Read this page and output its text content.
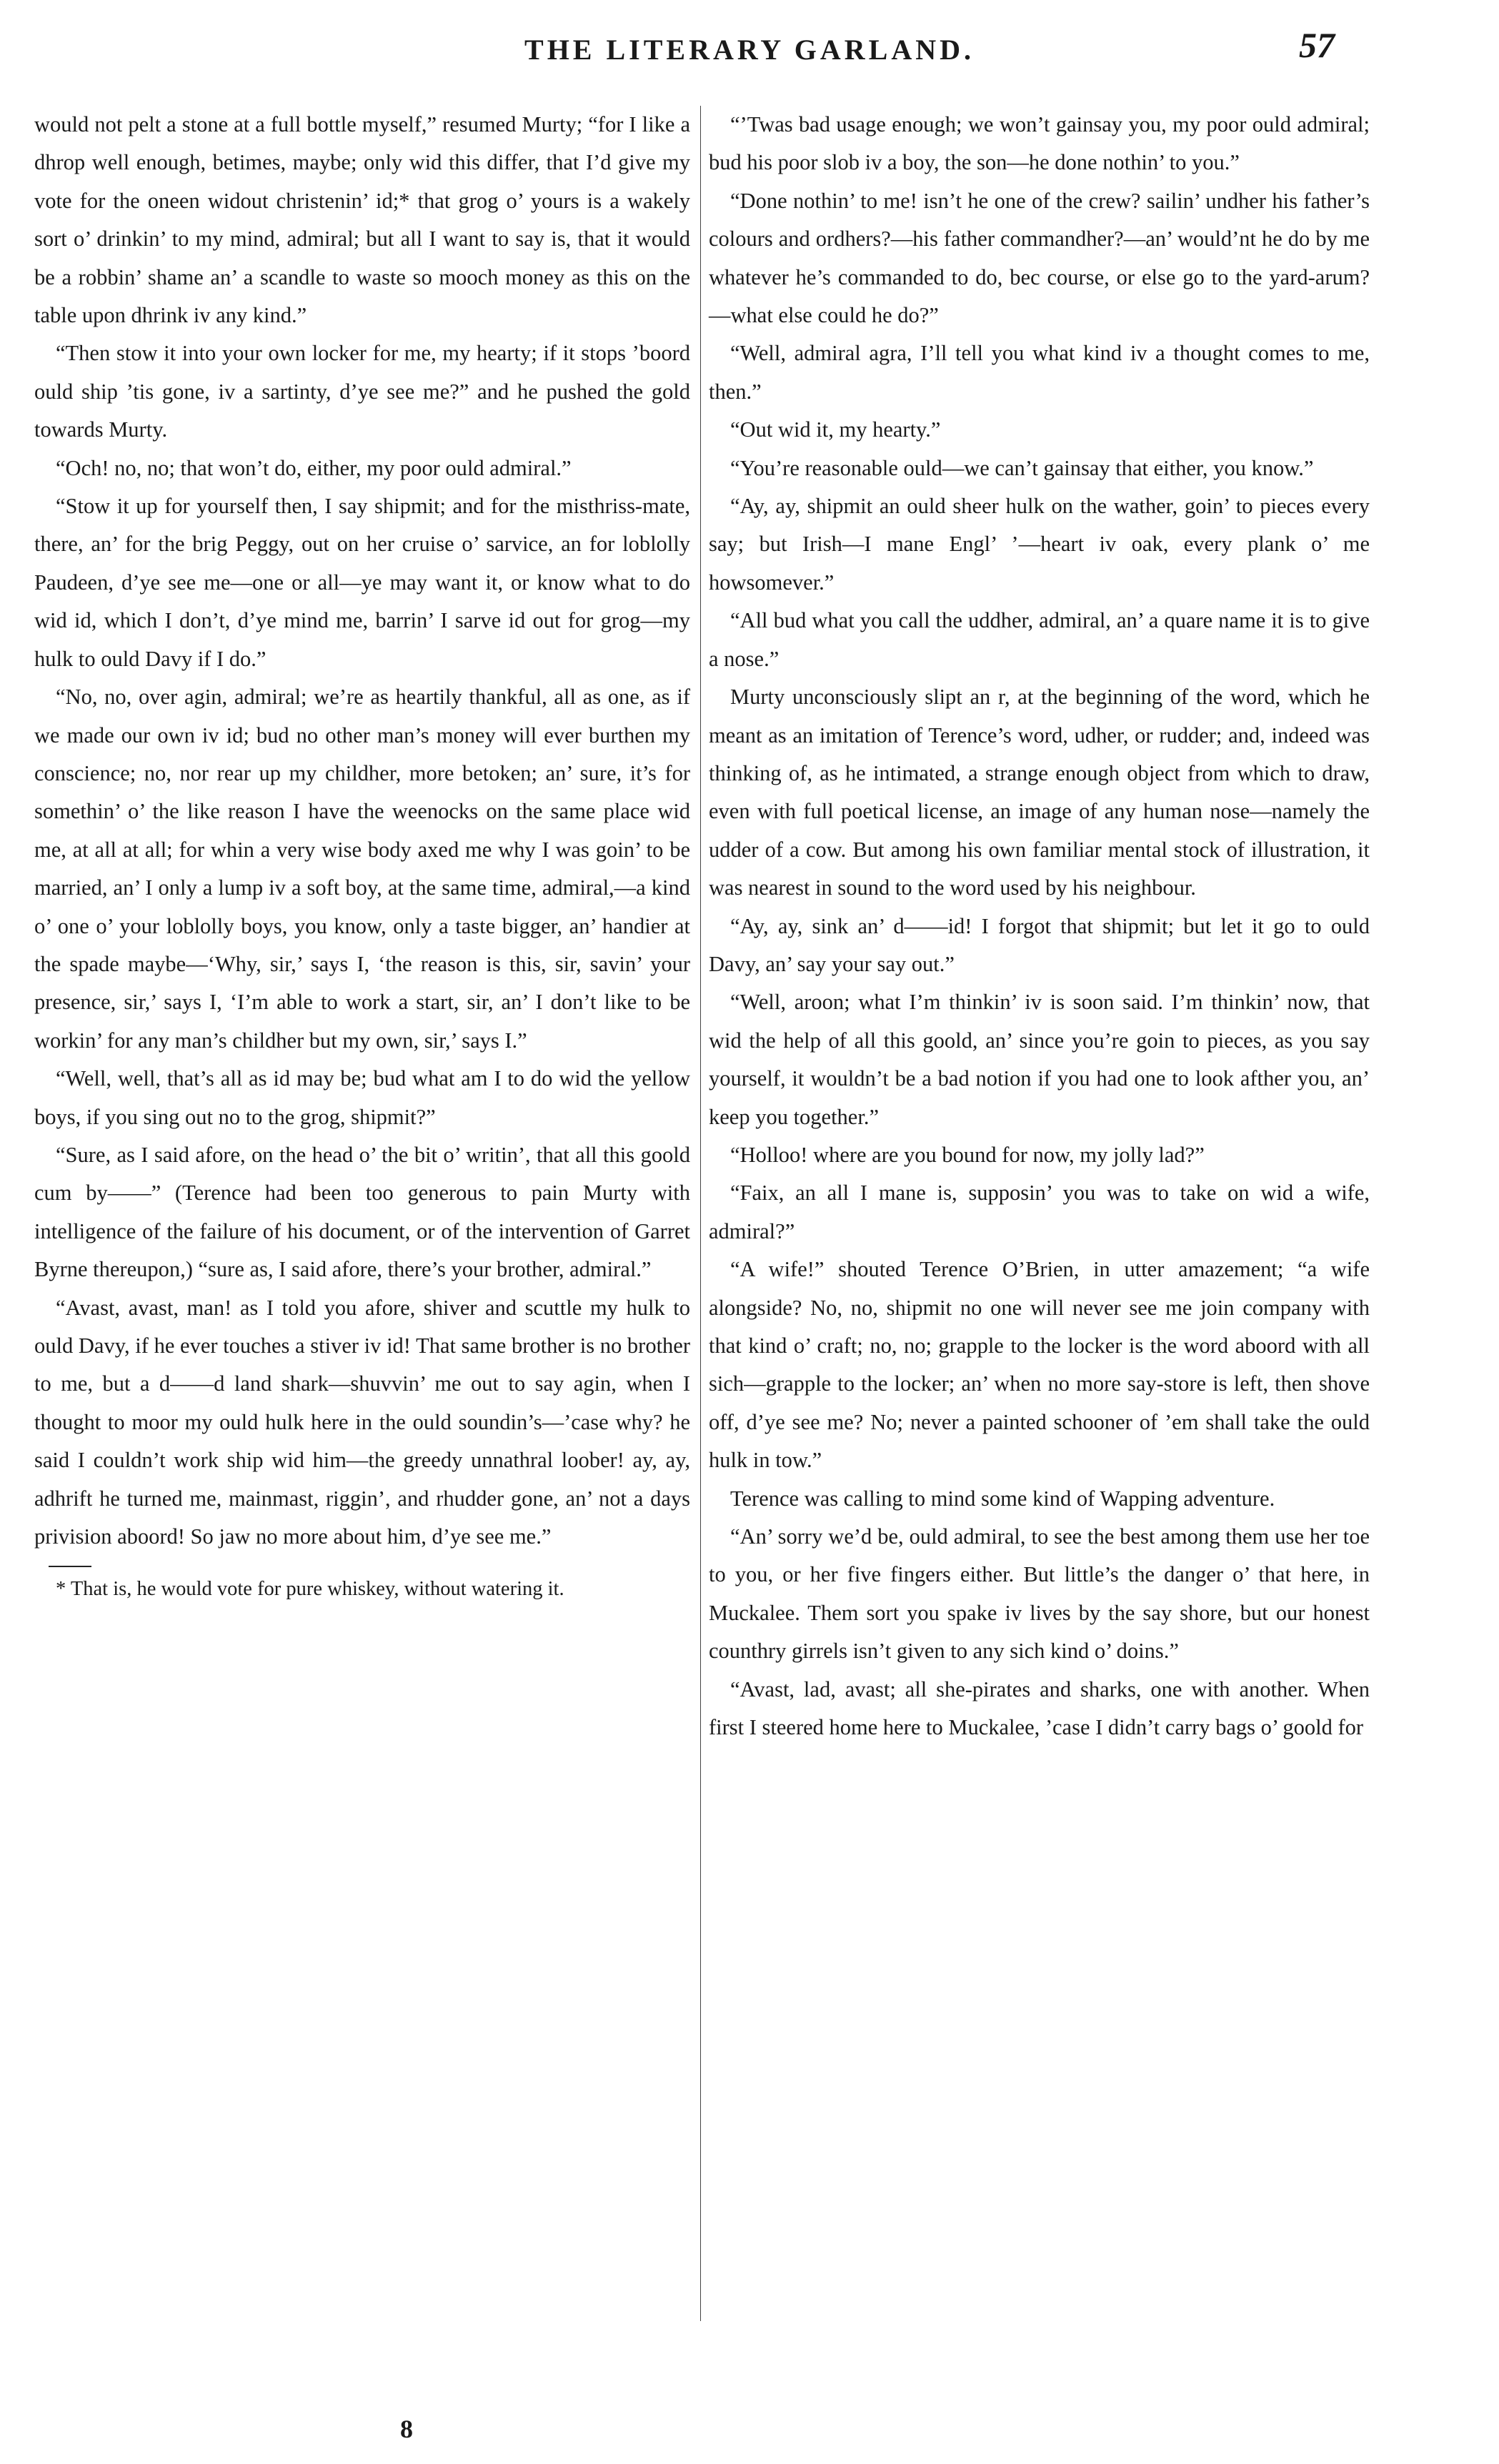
THE LITERARY GARLAND.	57

would not pelt a stone at a full bottle myself,” resumed Murty; “for I like a dhrop well enough, betimes, maybe; only wid this differ, that I’d give my vote for the oneen widout christenin’ id;* that grog o’ yours is a wakely sort o’ drinkin’ to my mind, admiral; but all I want to say is, that it would be a robbin’ shame an’ a scandle to waste so mooch money as this on the table upon dhrink iv any kind.”

“Then stow it into your own locker for me, my hearty; if it stops ’boord ould ship ’tis gone, iv a sartinty, d’ye see me?” and he pushed the gold towards Murty.

“Och! no, no; that won’t do, either, my poor ould admiral.”

“Stow it up for yourself then, I say shipmit; and for the misthriss-mate, there, an’ for the brig Peggy, out on her cruise o’ sarvice, an for loblolly Paudeen, d’ye see me—one or all—ye may want it, or know what to do wid id, which I don’t, d’ye mind me, barrin’ I sarve id out for grog—my hulk to ould Davy if I do.”

“No, no, over agin, admiral; we’re as heartily thankful, all as one, as if we made our own iv id; bud no other man’s money will ever burthen my conscience; no, nor rear up my childher, more betoken; an’ sure, it’s for somethin’ o’ the like reason I have the weenocks on the same place wid me, at all at all; for whin a very wise body axed me why I was goin’ to be married, an’ I only a lump iv a soft boy, at the same time, admiral,—a kind o’ one o’ your loblolly boys, you know, only a taste bigger, an’ handier at the spade maybe—‘Why, sir,’ says I, ‘the reason is this, sir, savin’ your presence, sir,’ says I, ‘I’m able to work a start, sir, an’ I don’t like to be workin’ for any man’s childher but my own, sir,’ says I.”

“Well, well, that’s all as id may be; bud what am I to do wid the yellow boys, if you sing out no to the grog, shipmit?”

“Sure, as I said afore, on the head o’ the bit o’ writin’, that all this goold cum by——” (Terence had been too generous to pain Murty with intelligence of the failure of his document, or of the intervention of Garret Byrne thereupon,) “sure as, I said afore, there’s your brother, admiral.”

“Avast, avast, man! as I told you afore, shiver and scuttle my hulk to ould Davy, if he ever touches a stiver iv id! That same brother is no brother to me, but a d——d land shark—shuvvin’ me out to say agin, when I thought to moor my ould hulk here in the ould soundin’s—’case why? he said I couldn’t work ship wid him—the greedy unnathral loober! ay, ay, adhrift he turned me, mainmast, riggin’, and rhudder gone, an’ not a days privision aboord! So jaw no more about him, d’ye see me.”

* That is, he would vote for pure whiskey, without watering it.

“’Twas bad usage enough; we won’t gainsay you, my poor ould admiral; bud his poor slob iv a boy, the son—he done nothin’ to you.”

“Done nothin’ to me! isn’t he one of the crew? sailin’ undher his father’s colours and ordhers?—his father commandher?—an’ would’nt he do by me whatever he’s commanded to do, bec course, or else go to the yard-arum?—what else could he do?”

“Well, admiral agra, I’ll tell you what kind iv a thought comes to me, then.”

“Out wid it, my hearty.”

“You’re reasonable ould—we can’t gainsay that either, you know.”

“Ay, ay, shipmit an ould sheer hulk on the wather, goin’ to pieces every say; but Irish—I mane Engl’ ’—heart iv oak, every plank o’ me howsomever.”

“All bud what you call the uddher, admiral, an’ a quare name it is to give a nose.”

Murty unconsciously slipt an r, at the beginning of the word, which he meant as an imitation of Terence’s word, udher, or rudder; and, indeed was thinking of, as he intimated, a strange enough object from which to draw, even with full poetical license, an image of any human nose—namely the udder of a cow. But among his own familiar mental stock of illustration, it was nearest in sound to the word used by his neighbour.

“Ay, ay, sink an’ d——id! I forgot that shipmit; but let it go to ould Davy, an’ say your say out.”

“Well, aroon; what I’m thinkin’ iv is soon said. I’m thinkin’ now, that wid the help of all this goold, an’ since you’re goin to pieces, as you say yourself, it wouldn’t be a bad notion if you had one to look afther you, an’ keep you together.”

“Holloo! where are you bound for now, my jolly lad?”

“Faix, an all I mane is, supposin’ you was to take on wid a wife, admiral?”

“A wife!” shouted Terence O’Brien, in utter amazement; “a wife alongside? No, no, shipmit no one will never see me join company with that kind o’ craft; no, no; grapple to the locker is the word aboord with all sich—grapple to the locker; an’ when no more say-store is left, then shove off, d’ye see me? No; never a painted schooner of ’em shall take the ould hulk in tow.”

Terence was calling to mind some kind of Wapping adventure.

“An’ sorry we’d be, ould admiral, to see the best among them use her toe to you, or her five fingers either. But little’s the danger o’ that here, in Muckalee. Them sort you spake iv lives by the say shore, but our honest counthry girrels isn’t given to any sich kind o’ doins.”

“Avast, lad, avast; all she-pirates and sharks, one with another. When first I steered home here to Muckalee, ’case I didn’t carry bags o’ goold for

8
